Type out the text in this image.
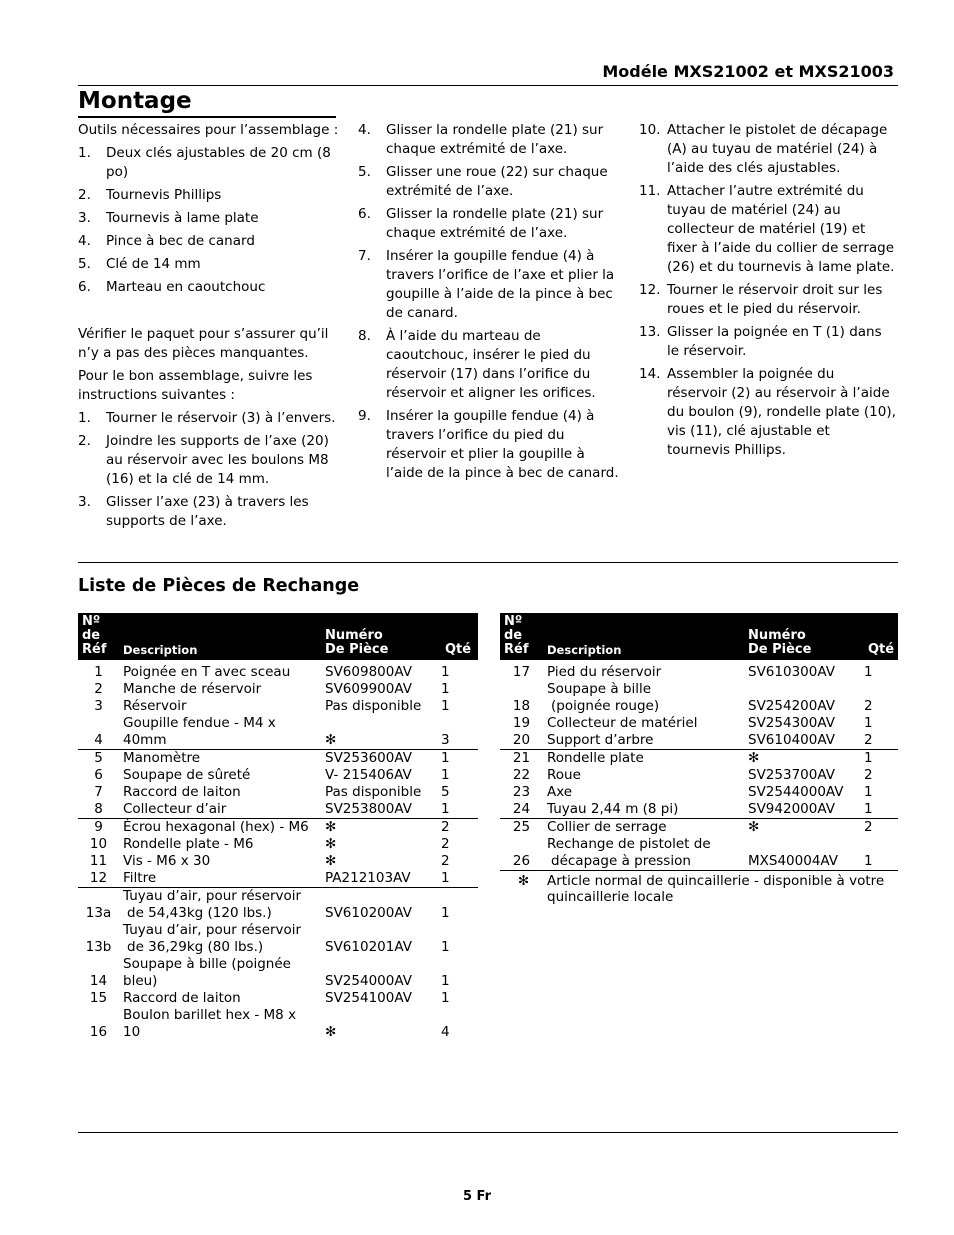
Modéle MXS21002 et MXS21003
Montage

Outils nécessaires pour l’assemblage :

1.	Deux clés ajustables de 20 cm (8 po)
2.	Tournevis Phillips
3.	Tournevis à lame plate
4.	Pince à bec de canard
5.	Clé de 14 mm
6.	Marteau en caoutchouc

Vérifier le paquet pour s’assurer qu’il n’y a pas des pièces manquantes.

Pour le bon assemblage, suivre les instructions suivantes :

1.	Tourner le réservoir (3) à l’envers.
2.	Joindre les supports de l’axe (20) au réservoir avec les boulons M8 (16) et la clé de 14 mm.
3.	Glisser l’axe (23) à travers les supports de l’axe.
4.	Glisser la rondelle plate (21) sur chaque extrémité de l’axe.
5.	Glisser une roue (22) sur chaque extrémité de l’axe.
6.	Glisser la rondelle plate (21) sur chaque extrémité de l’axe.
7.	Insérer la goupille fendue (4) à travers l’orifice de l’axe et plier la goupille à l’aide de la pince à bec de canard.
8.	À l’aide du marteau de caoutchouc, insérer le pied du réservoir (17) dans l’orifice du réservoir et aligner les orifices.
9.	Insérer la goupille fendue (4) à travers l’orifice du pied du réservoir et plier la goupille à l’aide de la pince à bec de canard.
10. Attacher le pistolet de décapage (A) au tuyau de matériel (24) à l’aide des clés ajustables.
11. Attacher l’autre extrémité du tuyau de matériel (24) au collecteur de matériel (19) et fixer à l’aide du collier de serrage (26) et du tournevis à lame plate.
12. Tourner le réservoir droit sur les roues et le pied du réservoir.
13. Glisser la poignée en T (1) dans le réservoir.
14. Assembler la poignée du réservoir (2) au réservoir à l’aide du boulon (9), rondelle plate (10), vis (11), clé ajustable et tournevis Phillips.
Liste de Pièces de Rechange
Nº de
Réf	Description	Numéro
De Pièce	Qté
1	Poignée en T avec sceau	SV609800AV	1
2	Manche de réservoir	SV609900AV	1
3	Réservoir	Pas disponible	1
4	Goupille fendue - M4 x 40mm	✻	3
5	Manomètre	SV253600AV	1
6	Soupape de sûreté	V- 215406AV	1
7	Raccord de laiton	Pas disponible	5
8	Collecteur d’air	SV253800AV	1
9	Écrou hexagonal (hex) - M6	✻	2
10	Rondelle plate - M6	✻	2
11	Vis - M6 x 30	✻	2
12	Filtre	PA212103AV	1
13a	Tuyau d’air, pour réservoir
de 54,43kg (120 lbs.)	SV610200AV	1
13b	Tuyau d’air, pour réservoir
de 36,29kg (80 lbs.)	SV610201AV	1
14	Soupape à bille (poignée bleu)	SV254000AV	1
15	Raccord de laiton	SV254100AV	1
16	Boulon barillet hex - M8 x 10	✻	4
Nº de
Réf	Description	Numéro
De Pièce	Qté
17	Pied du réservoir	SV610300AV	1
18	Soupape à bille
(poignée rouge)	SV254200AV	2
19	Collecteur de matériel	SV254300AV	1
20	Support d’arbre	SV610400AV	2
21	Rondelle plate	✻	1
22	Roue	SV253700AV	2
23	Axe	SV2544000AV	1
24	Tuyau 2,44 m (8 pi)	SV942000AV	1
25	Collier de serrage	✻	2
26	Rechange de pistolet de
décapage à pression	MXS40004AV	1
✻	Article normal de quincaillerie - disponible à votre quincaillerie locale
5 Fr
